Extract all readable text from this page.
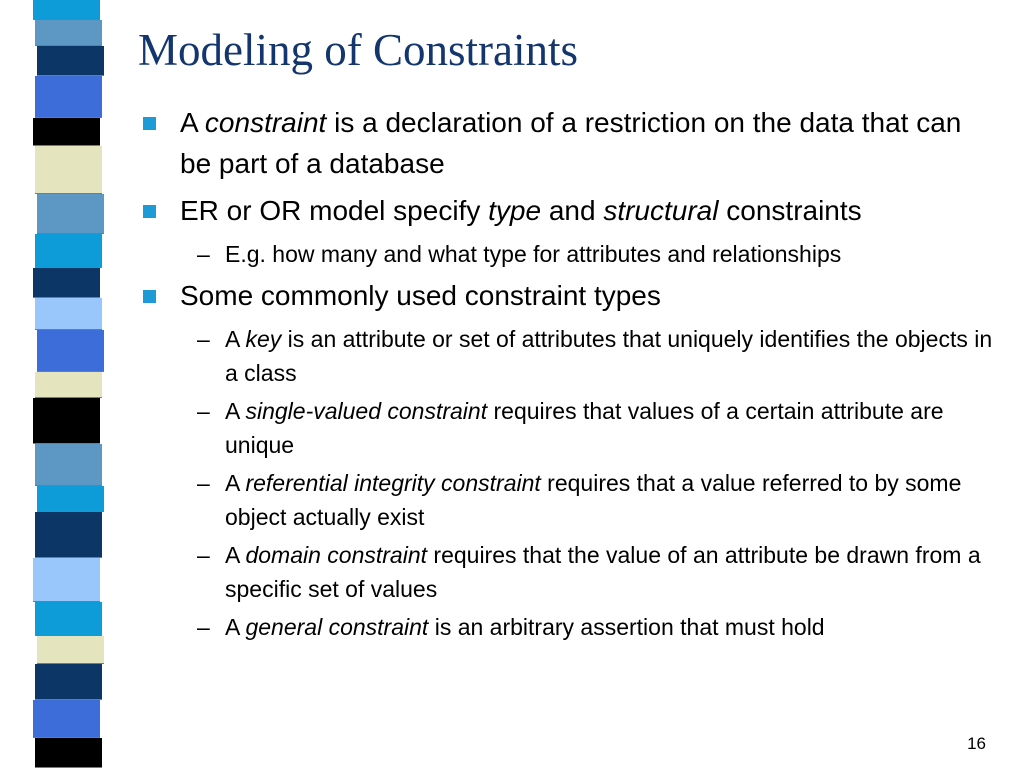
Modeling of Constraints
A constraint is a declaration of a restriction on the data that can be part of a database
ER or OR model specify type and structural constraints
– E.g. how many and what type for attributes and relationships
Some commonly used constraint types
– A key is an attribute or set of attributes that uniquely identifies the objects in a class
– A single-valued constraint requires that values of a certain attribute are unique
– A referential integrity constraint requires that a value referred to by some object actually exist
– A domain constraint requires that the value of an attribute be drawn from a specific set of values
– A general constraint is an arbitrary assertion that must hold
16
